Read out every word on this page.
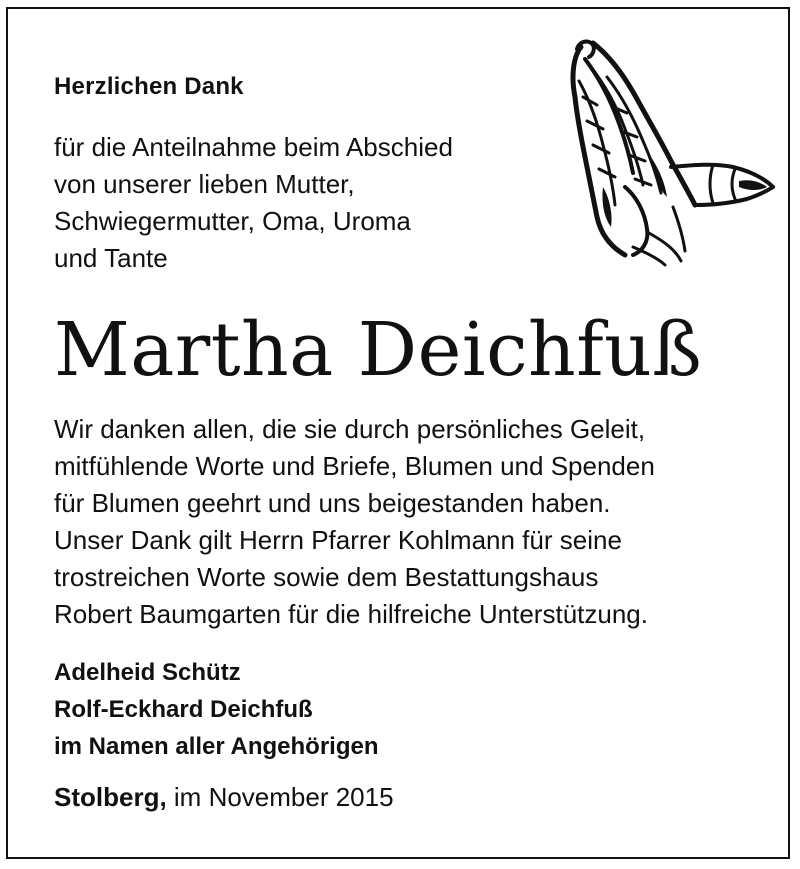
Herzlichen Dank
für die Anteilnahme beim Abschied
von unserer lieben Mutter,
Schwiegermutter, Oma, Uroma
und Tante
Martha Deichfuß
Wir danken allen, die sie durch persönliches Geleit,
mitfühlende Worte und Briefe, Blumen und Spenden
für Blumen geehrt und uns beigestanden haben.
Unser Dank gilt Herrn Pfarrer Kohlmann für seine
trostreichen Worte sowie dem Bestattungshaus
Robert Baumgarten für die hilfreiche Unterstützung.
Adelheid Schütz
Rolf-Eckhard Deichfuß
im Namen aller Angehörigen
Stolberg, im November 2015
